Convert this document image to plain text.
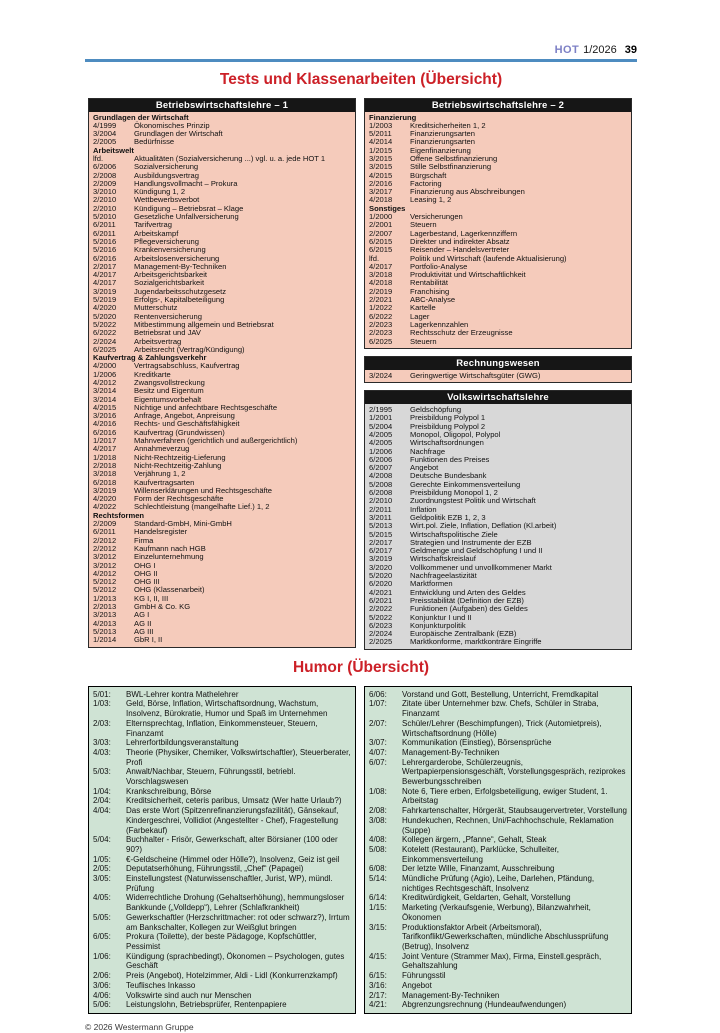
HOT 1/2026 39
Tests und Klassenarbeiten (Übersicht)
Betriebswirtschaftslehre – 1
Grundlagen der Wirtschaft
4/1999	Ökonomisches Prinzip
3/2004	Grundlagen der Wirtschaft
2/2005	Bedürfnisse
Arbeitswelt
lfd.	Aktualitäten (Sozialversicherung ...) vgl. u. a. jede HOT 1
6/2006	Sozialversicherung
2/2008	Ausbildungsvertrag
2/2009	Handlungsvollmacht – Prokura
3/2010	Kündigung 1, 2
2/2010	Wettbewerbsverbot
2/2010	Kündigung – Betriebsrat – Klage
5/2010	Gesetzliche Unfallversicherung
6/2011	Tarifvertrag
6/2011	Arbeitskampf
5/2016	Pflegeversicherung
5/2016	Krankenversicherung
6/2016	Arbeitslosenversicherung
2/2017	Management-By-Techniken
4/2017	Arbeitsgerichtsbarkeit
4/2017	Sozialgerichtsbarkeit
3/2019	Jugendarbeitsschutzgesetz
5/2019	Erfolgs-, Kapitalbeteiligung
4/2020	Mutterschutz
5/2020	Rentenversicherung
5/2022	Mitbestimmung allgemein und Betriebsrat
6/2022	Betriebsrat und JAV
2/2024	Arbeitsvertrag
6/2025	Arbeitsrecht (Vertrag/Kündigung)
Kaufvertrag & Zahlungsverkehr
4/2000	Vertragsabschluss, Kaufvertrag
1/2006	Kreditkarte
4/2012	Zwangsvollstreckung
3/2014	Besitz und Eigentum
3/2014	Eigentumsvorbehalt
4/2015	Nichtige und anfechtbare Rechtsgeschäfte
3/2016	Anfrage, Angebot, Anpreisung
4/2016	Rechts- und Geschäftsfähigkeit
6/2016	Kaufvertrag (Grundwissen)
1/2017	Mahnverfahren (gerichtlich und außergerichtlich)
4/2017	Annahmeverzug
1/2018	Nicht-Rechtzeitig-Lieferung
2/2018	Nicht-Rechtzeitig-Zahlung
3/2018	Verjährung 1, 2
6/2018	Kaufvertragsarten
3/2019	Willenserklärungen und Rechtsgeschäfte
4/2020	Form der Rechtsgeschäfte
4/2022	Schlechtleistung (mangelhafte Lief.) 1, 2
Rechtsformen
2/2009	Standard-GmbH, Mini-GmbH
6/2011	Handelsregister
2/2012	Firma
2/2012	Kaufmann nach HGB
3/2012	Einzelunternehmung
3/2012	OHG I
4/2012	OHG II
5/2012	OHG III
5/2012	OHG (Klassenarbeit)
1/2013	KG I, II, III
2/2013	GmbH & Co. KG
3/2013	AG I
4/2013	AG II
5/2013	AG III
1/2014	GbR I, II
Betriebswirtschaftslehre – 2
Finanzierung
1/2003	Kreditsicherheiten 1, 2
5/2011	Finanzierungsarten
4/2014	Finanzierungsarten
1/2015	Eigenfinanzierung
3/2015	Offene Selbstfinanzierung
3/2015	Stille Selbstfinanzierung
4/2015	Bürgschaft
2/2016	Factoring
3/2017	Finanzierung aus Abschreibungen
4/2018	Leasing 1, 2
Sonstiges
1/2000	Versicherungen
2/2001	Steuern
2/2007	Lagerbestand, Lagerkennziffern
6/2015	Direkter und indirekter Absatz
6/2015	Reisender – Handelsvertreter
lfd.	Politik und Wirtschaft (laufende Aktualisierung)
4/2017	Portfolio-Analyse
3/2018	Produktivität und Wirtschaftlichkeit
4/2018	Rentabilität
2/2019	Franchising
2/2021	ABC-Analyse
1/2022	Kartelle
6/2022	Lager
2/2023	Lagerkennzahlen
2/2023	Rechtsschutz der Erzeugnisse
6/2025	Steuern
Rechnungswesen
3/2024	Geringwertige Wirtschaftsgüter (GWG)
Volkswirtschaftslehre
2/1995	Geldschöpfung
1/2001	Preisbildung Polypol 1
5/2004	Preisbildung Polypol 2
4/2005	Monopol, Oligopol, Polypol
4/2005	Wirtschaftsordnungen
1/2006	Nachfrage
6/2006	Funktionen des Preises
6/2007	Angebot
4/2008	Deutsche Bundesbank
5/2008	Gerechte Einkommensverteilung
6/2008	Preisbildung Monopol 1, 2
2/2010	Zuordnungstest Politik und Wirtschaft
2/2011	Inflation
3/2011	Geldpolitik EZB 1, 2, 3
5/2013	Wirt.pol. Ziele, Inflation, Deflation (Kl.arbeit)
5/2015	Wirtschaftspolitische Ziele
2/2017	Strategien und Instrumente der EZB
6/2017	Geldmenge und Geldschöpfung I und II
3/2019	Wirtschaftskreislauf
3/2020	Vollkommener und unvollkommener Markt
5/2020	Nachfrageelastizität
6/2020	Marktformen
4/2021	Entwicklung und Arten des Geldes
6/2021	Preisstabilität (Definition der EZB)
2/2022	Funktionen (Aufgaben) des Geldes
5/2022	Konjunktur I und II
6/2023	Konjunkturpolitik
2/2024	Europäische Zentralbank (EZB)
2/2025	Marktkonforme, marktkonträre Eingriffe
Humor (Übersicht)
5/01:	BWL-Lehrer kontra Mathelehrer
1/03:	Geld, Börse, Inflation, Wirtschaftsordnung, Wachstum, Insolvenz, Bürokratie, Humor und Spaß im Unternehmen
2/03:	Elternsprechtag, Inflation, Einkommensteuer, Steuern, Finanzamt
3/03:	Lehrerfortbildungsveranstaltung
4/03:	Theorie (Physiker, Chemiker, Volkswirtschaftler), Steuerberater, Profi
5/03:	Anwalt/Nachbar, Steuern, Führungsstil, betriebl. Vorschlagswesen
1/04:	Krankschreibung, Börse
2/04:	Kreditsicherheit, ceteris paribus, Umsatz (Wer hatte Urlaub?)
4/04:	Das erste Wort (Spitzenrefinanzierungsfazilität), Gänsekauf, Kindergeschrei, Vollidiot (Angestellter - Chef), Fragestellung (Farbekauf)
5/04:	Buchhalter - Frisör, Gewerkschaft, alter Börsianer (100 oder 90?)
1/05:	€-Geldscheine (Himmel oder Hölle?), Insolvenz, Geiz ist geil
2/05:	Deputatserhöhung, Führungsstil, „Chef“ (Papagei)
3/05:	Einstellungstest (Naturwissenschaftler, Jurist, WP), mündl. Prüfung
4/05:	Widerrechtliche Drohung (Gehaltserhöhung), hemmungsloser Bankkunde („Volldepp“), Lehrer (Schlafkrankheit)
5/05:	Gewerkschaftler (Herzschrittmacher: rot oder schwarz?), Irrtum am Bankschalter, Kollegen zur Weißglut bringen
6/05:	Prokura (Toilette), der beste Pädagoge, Kopfschüttler, Pessimist
1/06:	Kündigung (sprachbedingt), Ökonomen – Psychologen, gutes Geschäft
2/06:	Preis (Angebot), Hotelzimmer, Aldi - Lidl (Konkurrenzkampf)
3/06:	Teuflisches Inkasso
4/06:	Volkswirte sind auch nur Menschen
5/06:	Leistungslohn, Betriebsprüfer, Rentenpapiere
6/06:	Vorstand und Gott, Bestellung, Unterricht, Fremdkapital
1/07:	Zitate über Unternehmer bzw. Chefs, Schüler in Straba, Finanzamt
2/07:	Schüler/Lehrer (Beschimpfungen), Trick (Automietpreis), Wirtschaftsordnung (Hölle)
3/07:	Kommunikation (Einstieg), Börsensprüche
4/07:	Management-By-Techniken
6/07:	Lehrergarderobe, Schülerzeugnis, Wertpapierpensionsgeschäft, Vorstellungsgespräch, reziprokes Bewerbungsschreiben
1/08:	Note 6, Tiere erben, Erfolgsbeteiligung, ewiger Student, 1. Arbeitstag
2/08:	Fahrkartenschalter, Hörgerät, Staubsaugervertreter, Vorstellung
3/08:	Hundekuchen, Rechnen, Uni/Fachhochschule, Reklamation (Suppe)
4/08:	Kollegen ärgern, „Pfanne“, Gehalt, Steak
5/08:	Kotelett (Restaurant), Parklücke, Schulleiter, Einkommensverteilung
6/08:	Der letzte Wille, Finanzamt, Ausschreibung
5/14:	Mündliche Prüfung (Agio), Leihe, Darlehen, Pfändung, nichtiges Rechtsgeschäft, Insolvenz
6/14:	Kreditwürdigkeit, Geldarten, Gehalt, Vorstellung
1/15:	Marketing (Verkaufsgenie, Werbung), Bilanzwahrheit, Ökonomen
3/15:	Produktionsfaktor Arbeit (Arbeitsmoral), Tarifkonflikt/Gewerkschaften, mündliche Abschlussprüfung (Betrug), Insolvenz
4/15:	Joint Venture (Strammer Max), Firma, Einstell.gespräch, Gehaltszahlung
6/15:	Führungsstil
3/16:	Angebot
2/17:	Management-By-Techniken
4/21:	Abgrenzungsrechnung (Hundeaufwendungen)
© 2026 Westermann Gruppe
